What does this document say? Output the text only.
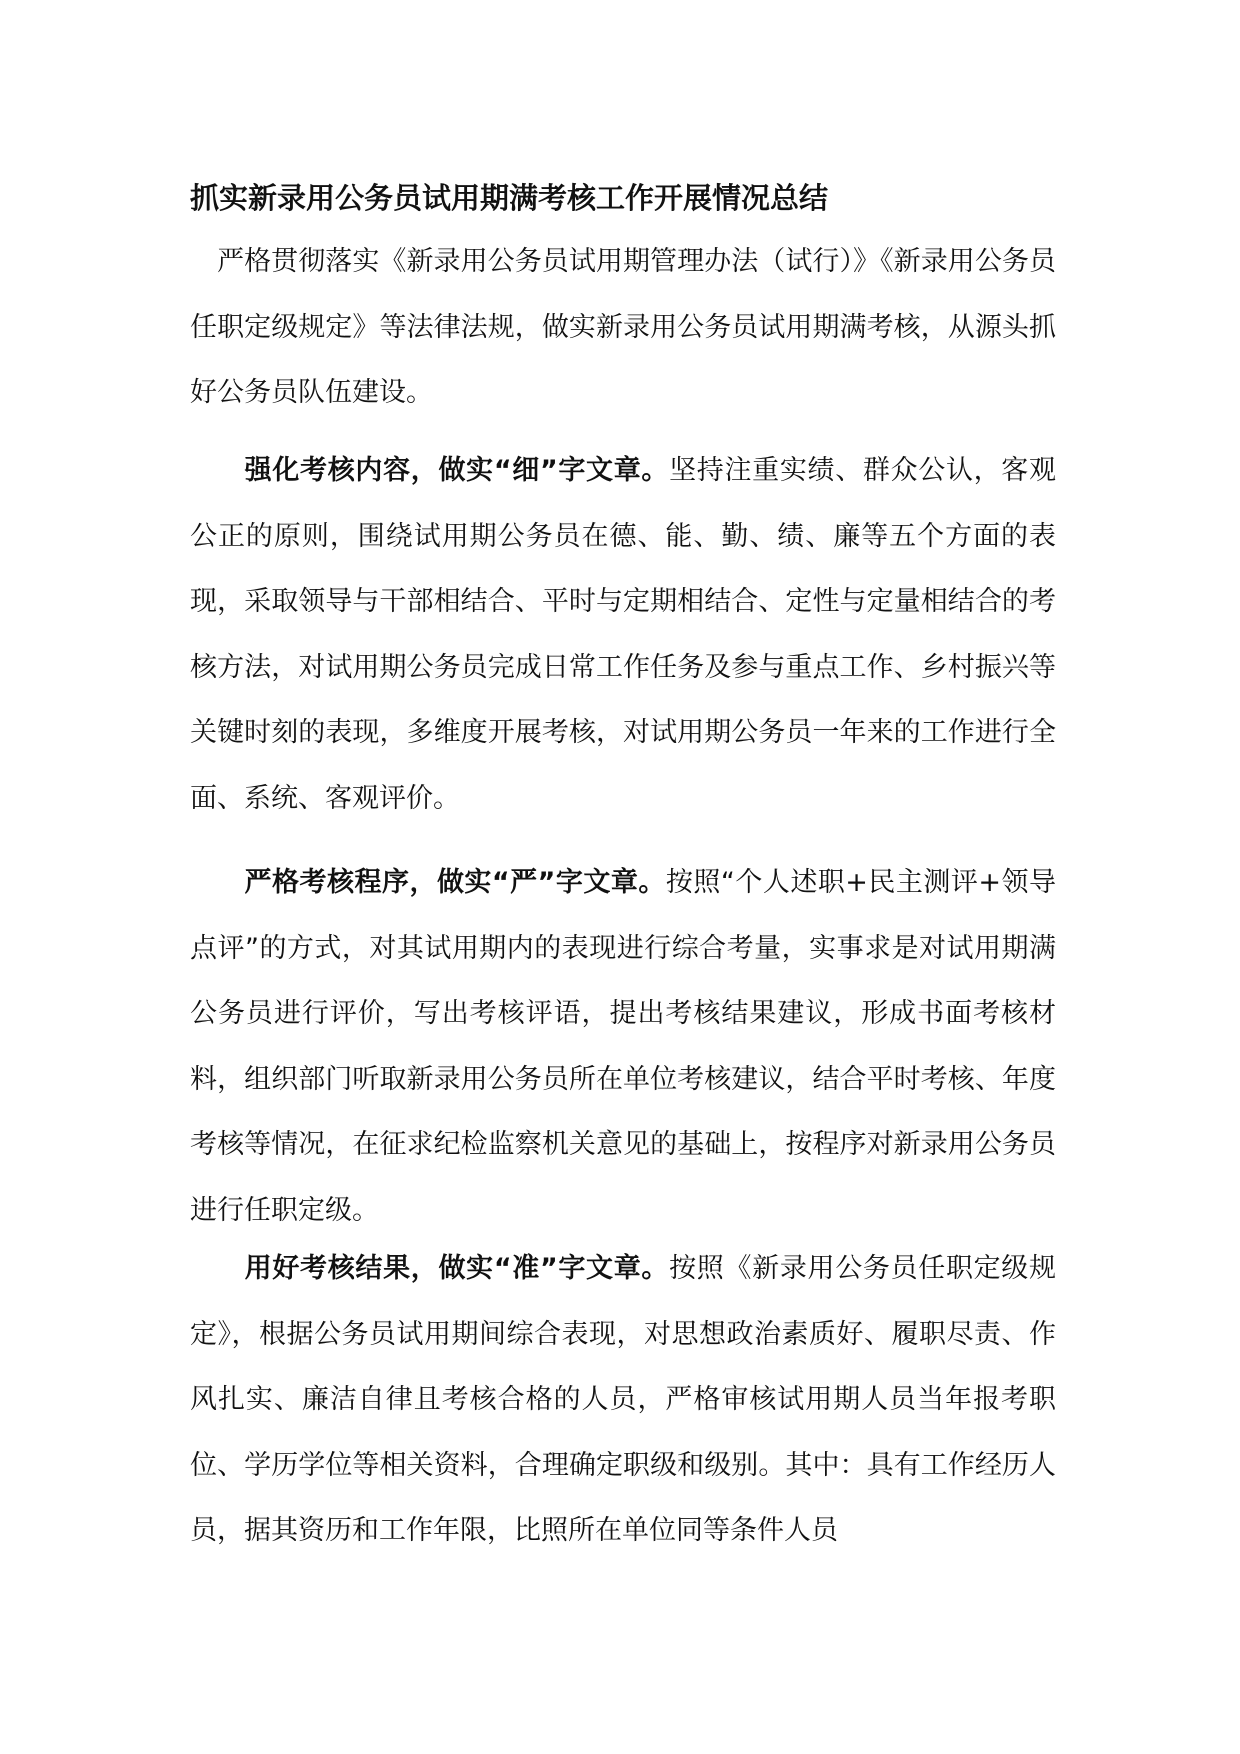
抓实新录用公务员试用期满考核工作开展情况总结

严格贯彻落实《新录用公务员试用期管理办法（试行）》《新录用公务员任职定级规定》等法律法规，做实新录用公务员试用期满考核，从源头抓好公务员队伍建设。

强化考核内容，做实“细”字文章。坚持注重实绩、群众公认，客观公正的原则，围绕试用期公务员在德、能、勤、绩、廉等五个方面的表现，采取领导与干部相结合、平时与定期相结合、定性与定量相结合的考核方法，对试用期公务员完成日常工作任务及参与重点工作、乡村振兴等关键时刻的表现，多维度开展考核，对试用期公务员一年来的工作进行全面、系统、客观评价。

严格考核程序，做实“严”字文章。按照“个人述职+民主测评+领导点评”的方式，对其试用期内的表现进行综合考量，实事求是对试用期满公务员进行评价，写出考核评语，提出考核结果建议，形成书面考核材料，组织部门听取新录用公务员所在单位考核建议，结合平时考核、年度考核等情况，在征求纪检监察机关意见的基础上，按程序对新录用公务员进行任职定级。

用好考核结果，做实“准”字文章。按照《新录用公务员任职定级规定》，根据公务员试用期间综合表现，对思想政治素质好、履职尽责、作风扎实、廉洁自律且考核合格的人员，严格审核试用期人员当年报考职位、学历学位等相关资料，合理确定职级和级别。其中：具有工作经历人员，据其资历和工作年限，比照所在单位同等条件人员
